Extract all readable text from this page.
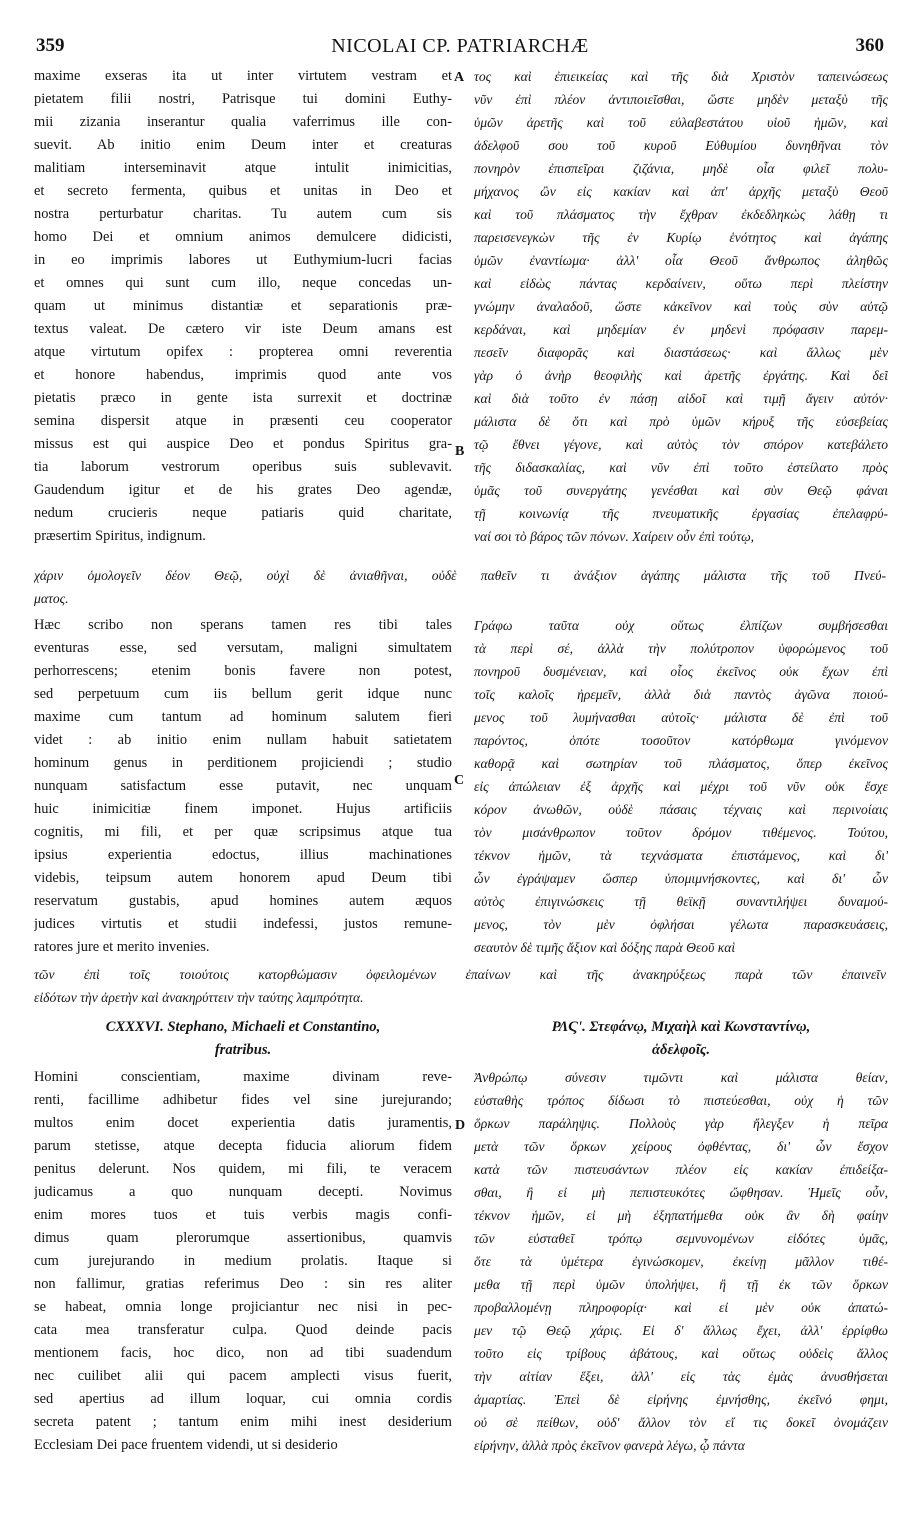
359	NICOLAI CP. PATRIARCHÆ	360
A
B
C
D
maxime exseras ita ut inter virtutem vestram et
pietatem filii nostri, Patrisque tui domini Euthy-
mii zizania inserantur qualia vaferrimus ille con-
suevit. Ab initio enim Deum inter et creaturas
malitiam interseminavit atque intulit inimicitias,
et secreto fermenta, quibus et unitas in Deo et
nostra perturbatur charitas. Tu autem cum sis
homo Dei et omnium animos demulcere didicisti,
in eo imprimis labores ut Euthymium-lucri facias
et omnes qui sunt cum illo, neque concedas un-
quam ut minimus distantiæ et separationis præ-
textus valeat. De cætero vir iste Deum amans est
atque virtutum opifex : propterea omni reverentia
et honore habendus, imprimis quod ante vos
pietatis præco in gente ista surrexit et doctrinæ
semina dispersit atque in præsenti ceu cooperator
missus est qui auspice Deo et pondus Spiritus gra-
tia laborum vestrorum operibus suis sublevavit.
Gaudendum igitur et de his grates Deo agendæ,
nedum crucieris neque patiaris quid charitate,
præsertim Spiritus, indignum.
τος καὶ ἐπιεικείας καὶ τῆς διὰ Χριστὸν ταπεινώσεως
νῦν ἐπὶ πλέον ἀντιποιεῖσθαι, ὥστε μηδὲν μεταξὺ τῆς
ὑμῶν ἀρετῆς καὶ τοῦ εὐλαβεστάτου υἱοῦ ἡμῶν, καὶ
ἀδελφοῦ σου τοῦ κυροῦ Εὐθυμίου δυνηθῆναι τὸν
πονηρὸν ἐπισπεῖραι ζιζάνια, μηδὲ οἷα φιλεῖ πολυ-
μήχανος ὢν εἰς κακίαν καὶ ἀπ' ἀρχῆς μεταξὺ Θεοῦ
καὶ τοῦ πλάσματος τὴν ἔχθραν ἐκδεδληκὼς λάθῃ τι
παρεισενεγκὼν τῆς ἐν Κυρίῳ ἑνότητος καὶ ἀγάπης
ὑμῶν ἐναντίωμα· ἀλλ' οἷα Θεοῦ ἄνθρωπος ἀληθῶς
καὶ εἰδὼς πάντας κερδαίνειν, οὕτω περὶ πλείστην
γνώμην ἀναλαδοῦ, ὥστε κἀκεῖνον καὶ τοὺς σὺν αὐτῷ
κερδάναι, καὶ μηδεμίαν ἐν μηδενὶ πρόφασιν παρεμ-
πεσεῖν διαφορᾶς καὶ διαστάσεως· καὶ ἄλλως μὲν
γὰρ ὁ ἀνὴρ θεοφιλὴς καὶ ἀρετῆς ἐργάτης. Καὶ δεῖ
καὶ διὰ τοῦτο ἐν πάσῃ αἰδοῖ καὶ τιμῇ ἄγειν αὐτόν·
μάλιστα δὲ ὅτι καὶ πρὸ ὑμῶν κήρυξ τῆς εὐσεβείας
τῷ ἔθνει γέγονε, καὶ αὐτὸς τὸν σπόρον κατεβάλετο
τῆς διδασκαλίας, καὶ νῦν ἐπὶ τοῦτο ἐστείλατο πρὸς
ὑμᾶς τοῦ συνεργάτης γενέσθαι καὶ σὺν Θεῷ φάναι
τῇ κοινωνίᾳ τῆς πνευματικῆς ἐργασίας ἐπελαφρύ-
ναί σοι τὸ βάρος τῶν πόνων. Χαίρειν οὖν ἐπὶ τούτῳ,
χάριν ὁμολογεῖν δέον Θεῷ, οὐχὶ δὲ ἀνιαθῆναι, οὐδὲ παθεῖν τι ἀνάξιον ἀγάπης μάλιστα τῆς τοῦ Πνεύ-
ματος.
Hæc scribo non sperans tamen res tibi tales
eventuras esse, sed versutam, maligni simultatem
perhorrescens; etenim bonis favere non potest,
sed perpetuum cum iis bellum gerit idque nunc
maxime cum tantum ad hominum salutem fieri
videt : ab initio enim nullam habuit satietatem
hominum genus in perditionem projiciendi ; studio
nunquam satisfactum esse putavit, nec unquam
huic inimicitiæ finem imponet. Hujus artificiis
cognitis, mi fili, et per quæ scripsimus atque tua
ipsius experientia edoctus, illius machinationes
videbis, teipsum autem honorem apud Deum tibi
reservatum gustabis, apud homines autem æquos
judices virtutis et studii indefessi, justos remune-
ratores jure et merito invenies.
Γράφω ταῦτα οὐχ οὕτως ἐλπίζων συμβήσεσθαι
τὰ περὶ σέ, ἀλλὰ τὴν πολύτροπον ὑφορώμενος τοῦ
πονηροῦ δυσμένειαν, καὶ οἷος ἐκεῖνος οὐκ ἔχων ἐπὶ
τοῖς καλοῖς ἠρεμεῖν, ἀλλὰ διὰ παντὸς ἀγῶνα ποιού-
μενος τοῦ λυμήνασθαι αὐτοῖς· μάλιστα δὲ ἐπὶ τοῦ
παρόντος, ὁπότε τοσοῦτον κατόρθωμα γινόμενον
καθορᾷ καὶ σωτηρίαν τοῦ πλάσματος, ὅπερ ἐκεῖνος
εἰς ἀπώλειαν ἐξ ἀρχῆς καὶ μέχρι τοῦ νῦν οὐκ ἔσχε
κόρον ἀνωθῶν, οὐδὲ πάσαις τέχναις καὶ περινοίαις
τὸν μισάνθρωπον τοῦτον δρόμον τιθέμενος. Τούτου,
τέκνον ἡμῶν, τὰ τεχνάσματα ἐπιστάμενος, καὶ δι'
ὧν ἐγράψαμεν ὥσπερ ὑπομιμνήσκοντες, καὶ δι' ὧν
αὐτὸς ἐπιγινώσκεις τῇ θεϊκῇ συναντιλήψει δυναμού-
μενος, τὸν μὲν ὀφλήσαι γέλωτα παρασκευάσεις,
σεαυτὸν δὲ τιμῆς ἄξιον καὶ δόξης παρὰ Θεοῦ καὶ
τῶν ἐπὶ τοῖς τοιούτοις κατορθώμασιν ὀφειλομένων ἐπαίνων καὶ τῆς ἀνακηρύξεως παρὰ τῶν ἐπαινεῖν
εἰδότων τὴν ἀρετὴν καὶ ἀνακηρύττειν τὴν ταύτης λαμπρότητα.
CXXXVI. Stephano, Michaeli et Constantino,
fratribus.
ΡΛϚ'. Στεφάνῳ, Μιχαὴλ καὶ Κωνσταντίνῳ,
ἀδελφοῖς.
Homini conscientiam, maxime divinam reve-
renti, facillime adhibetur fides vel sine jurejurando;
multos enim docet experientia datis juramentis,
parum stetisse, atque decepta fiducia aliorum fidem
penitus delerunt. Nos quidem, mi fili, te veracem
judicamus a quo nunquam decepti. Novimus
enim mores tuos et tuis verbis magis confi-
dimus quam plerorumque assertionibus, quamvis
cum jurejurando in medium prolatis. Itaque si
non fallimur, gratias referimus Deo : sin res aliter
se habeat, omnia longe projiciantur nec nisi in pec-
cata mea transferatur culpa. Quod deinde pacis
mentionem facis, hoc dico, non ad tibi suadendum
nec cuilibet alii qui pacem amplecti visus fuerit,
sed apertius ad illum loquar, cui omnia cordis
secreta patent ; tantum enim mihi inest desiderium
Ecclesiam Dei pace fruentem videndi, ut si desiderio
Ἀνθρώπῳ σύνεσιν τιμῶντι καὶ μάλιστα θείαν,
εὐσταθὴς τρόπος δίδωσι τὸ πιστεύεσθαι, οὐχ ἡ τῶν
ὅρκων παράληψις. Πολλοὺς γὰρ ἤλεγξεν ἡ πεῖρα
μετὰ τῶν ὅρκων χείρους ὀφθέντας, δι' ὧν ἔσχον
κατὰ τῶν πιστευσάντων πλέον εἰς κακίαν ἐπιδείξα-
σθαι, ἢ εἰ μὴ πεπιστευκότες ὤφθησαν. Ἡμεῖς οὖν,
τέκνον ἡμῶν, εἰ μὴ ἐξηπατήμεθα οὐκ ἂν δὴ φαίην
τῶν εὐσταθεῖ τρόπῳ σεμνυνομένων εἰδότες ὑμᾶς,
ὅτε τὰ ὑμέτερα ἐγινώσκομεν, ἐκείνῃ μᾶλλον τιθέ-
μεθα τῇ περὶ ὑμῶν ὑπολήψει, ἢ τῇ ἐκ τῶν ὅρκων
προβαλλομένῃ πληροφορίᾳ· καὶ εἰ μὲν οὐκ ἀπατώ-
μεν τῷ Θεῷ χάρις. Εἰ δ' ἄλλως ἔχει, ἀλλ' ἐρρίφθω
τοῦτο εἰς τρίβους ἀβάτους, καὶ οὕτως οὐδεὶς ἄλλος
τὴν αἰτίαν ἕξει, ἀλλ' εἰς τὰς ἐμὰς ἀνυσθήσεται
ἁμαρτίας. Ἐπεὶ δὲ εἰρήνης ἐμνήσθης, ἐκεῖνό φημι,
οὐ σὲ πείθων, οὐδ' ἄλλον τὸν εἴ τις δοκεῖ ὀνομάζειν
εἰρήνην, ἀλλὰ πρὸς ἐκεῖνον φανερὰ λέγω, ᾧ πάντα
